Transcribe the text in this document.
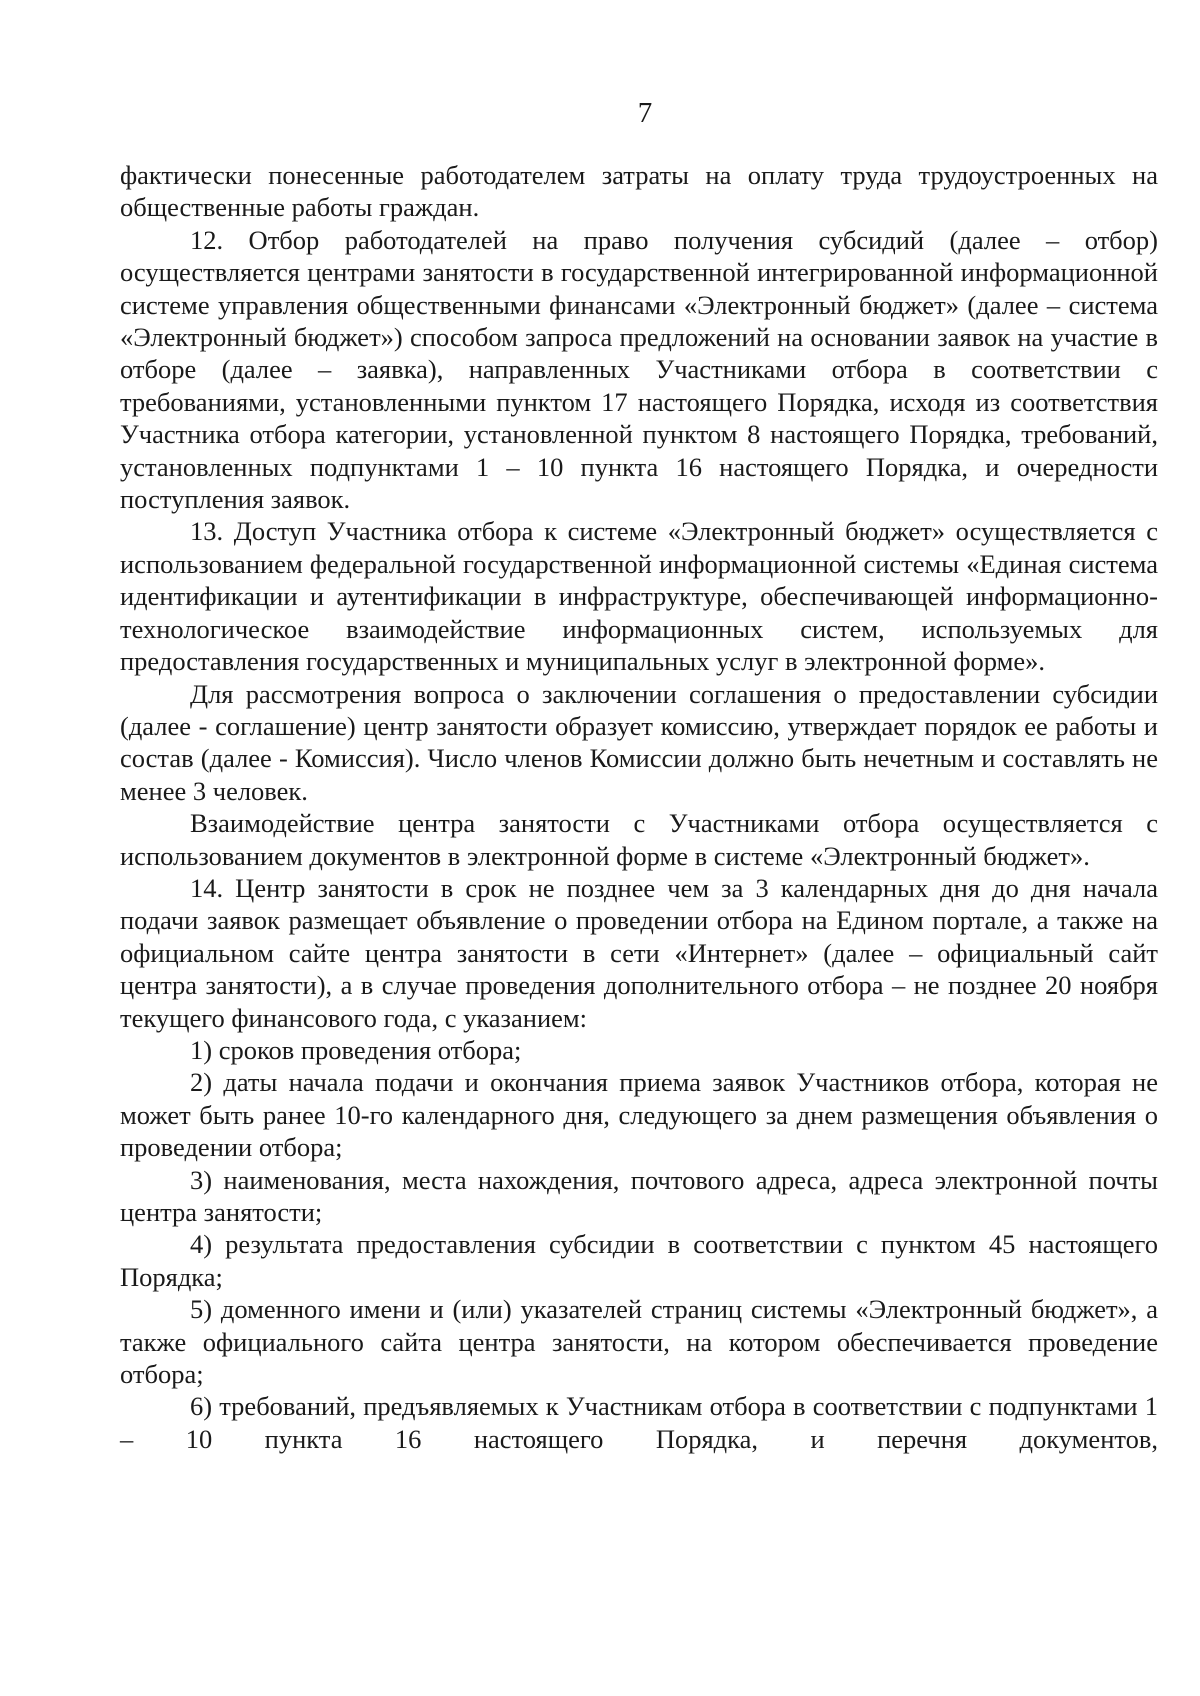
7

фактически понесенные работодателем затраты на оплату труда трудоустроенных на общественные работы граждан.

12. Отбор работодателей на право получения субсидий (далее – отбор) осуществляется центрами занятости в государственной интегрированной информационной системе управления общественными финансами «Электронный бюджет» (далее – система «Электронный бюджет») способом запроса предложений на основании заявок на участие в отборе (далее – заявка), направленных Участниками отбора в соответствии с требованиями, установленными пунктом 17 настоящего Порядка, исходя из соответствия Участника отбора категории, установленной пунктом 8 настоящего Порядка, требований, установленных подпунктами 1 – 10 пункта 16 настоящего Порядка, и очередности поступления заявок.

13. Доступ Участника отбора к системе «Электронный бюджет» осуществляется с использованием федеральной государственной информационной системы «Единая система идентификации и аутентификации в инфраструктуре, обеспечивающей информационно-технологическое взаимодействие информационных систем, используемых для предоставления государственных и муниципальных услуг в электронной форме».

Для рассмотрения вопроса о заключении соглашения о предоставлении субсидии (далее - соглашение) центр занятости образует комиссию, утверждает порядок ее работы и состав (далее - Комиссия). Число членов Комиссии должно быть нечетным и составлять не менее 3 человек.

Взаимодействие центра занятости с Участниками отбора осуществляется с использованием документов в электронной форме в системе «Электронный бюджет».

14. Центр занятости в срок не позднее чем за 3 календарных дня до дня начала подачи заявок размещает объявление о проведении отбора на Едином портале, а также на официальном сайте центра занятости в сети «Интернет» (далее – официальный сайт центра занятости), а в случае проведения дополнительного отбора – не позднее 20 ноября текущего финансового года, с указанием:

1) сроков проведения отбора;

2) даты начала подачи и окончания приема заявок Участников отбора, которая не может быть ранее 10-го календарного дня, следующего за днем размещения объявления о проведении отбора;

3) наименования, места нахождения, почтового адреса, адреса электронной почты центра занятости;

4) результата предоставления субсидии в соответствии с пунктом 45 настоящего Порядка;

5) доменного имени и (или) указателей страниц системы «Электронный бюджет», а также официального сайта центра занятости, на котором обеспечивается проведение отбора;

6) требований, предъявляемых к Участникам отбора в соответствии с подпунктами 1 – 10 пункта 16 настоящего Порядка, и перечня документов,
